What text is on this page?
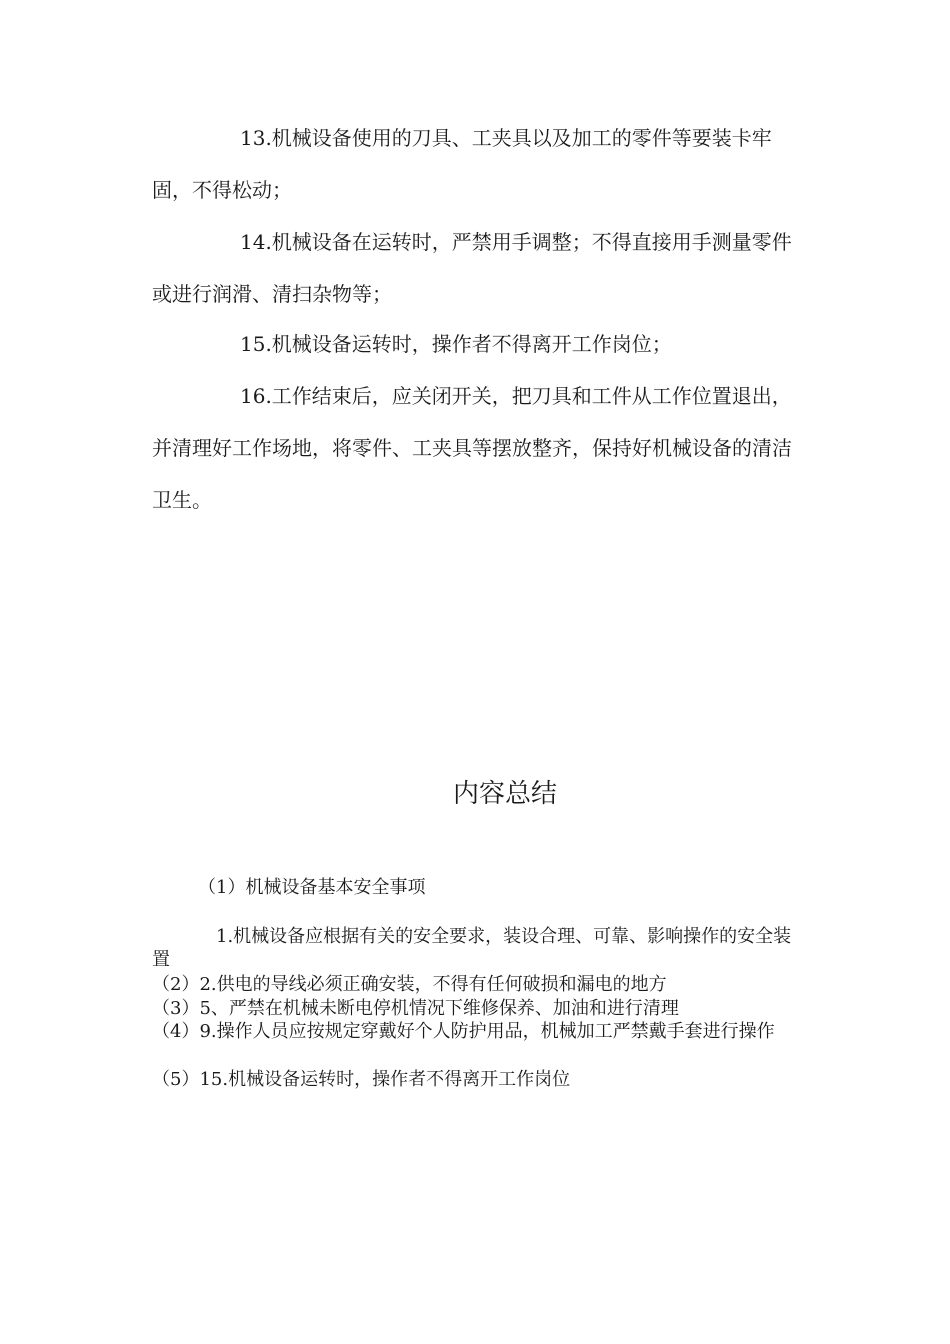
13.机械设备使用的刀具、工夹具以及加工的零件等要装卡牢固，不得松动；

14.机械设备在运转时，严禁用手调整；不得直接用手测量零件或进行润滑、清扫杂物等；

15.机械设备运转时，操作者不得离开工作岗位；

16.工作结束后，应关闭开关，把刀具和工件从工作位置退出，并清理好工作场地，将零件、工夹具等摆放整齐，保持好机械设备的清洁卫生。

内容总结
（1）机械设备基本安全事项
1.机械设备应根据有关的安全要求，装设合理、可靠、影响操作的安全装置
（2）2.供电的导线必须正确安装，不得有任何破损和漏电的地方
（3）5、严禁在机械未断电停机情况下维修保养、加油和进行清理
（4）9.操作人员应按规定穿戴好个人防护用品，机械加工严禁戴手套进行操作
（5）15.机械设备运转时，操作者不得离开工作岗位
